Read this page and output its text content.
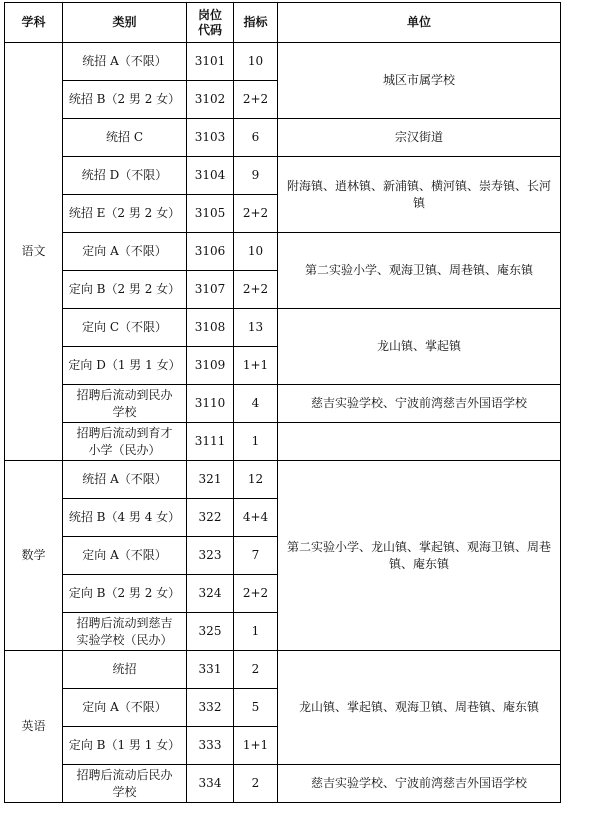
学科	类别	岗位代码	指标	单位
语文	统招 A（不限）	3101	10	城区市属学校
	统招 B（2 男 2 女）	3102	2+2	
	统招 C	3103	6	宗汉街道
	统招 D（不限）	3104	9	附海镇、逍林镇、新浦镇、横河镇、崇寿镇、长河镇
	统招 E（2 男 2 女）	3105	2+2	
	定向 A（不限）	3106	10	第二实验小学、观海卫镇、周巷镇、庵东镇
	定向 B（2 男 2 女）	3107	2+2	
	定向 C（不限）	3108	13	龙山镇、掌起镇
	定向 D（1 男 1 女）	3109	1+1	
	招聘后流动到民办学校	3110	4	慈吉实验学校、宁波前湾慈吉外国语学校
	招聘后流动到育才小学（民办）	3111	1	
数学	统招 A（不限）	321	12	第二实验小学、龙山镇、掌起镇、观海卫镇、周巷镇、庵东镇
	统招 B（4 男 4 女）	322	4+4	
	定向 A（不限）	323	7	
	定向 B（2 男 2 女）	324	2+2	
	招聘后流动到慈吉实验学校（民办）	325	1	
英语	统招	331	2	龙山镇、掌起镇、观海卫镇、周巷镇、庵东镇
	定向 A（不限）	332	5	
	定向 B（1 男 1 女）	333	1+1	
	招聘后流动后民办学校	334	2	慈吉实验学校、宁波前湾慈吉外国语学校
